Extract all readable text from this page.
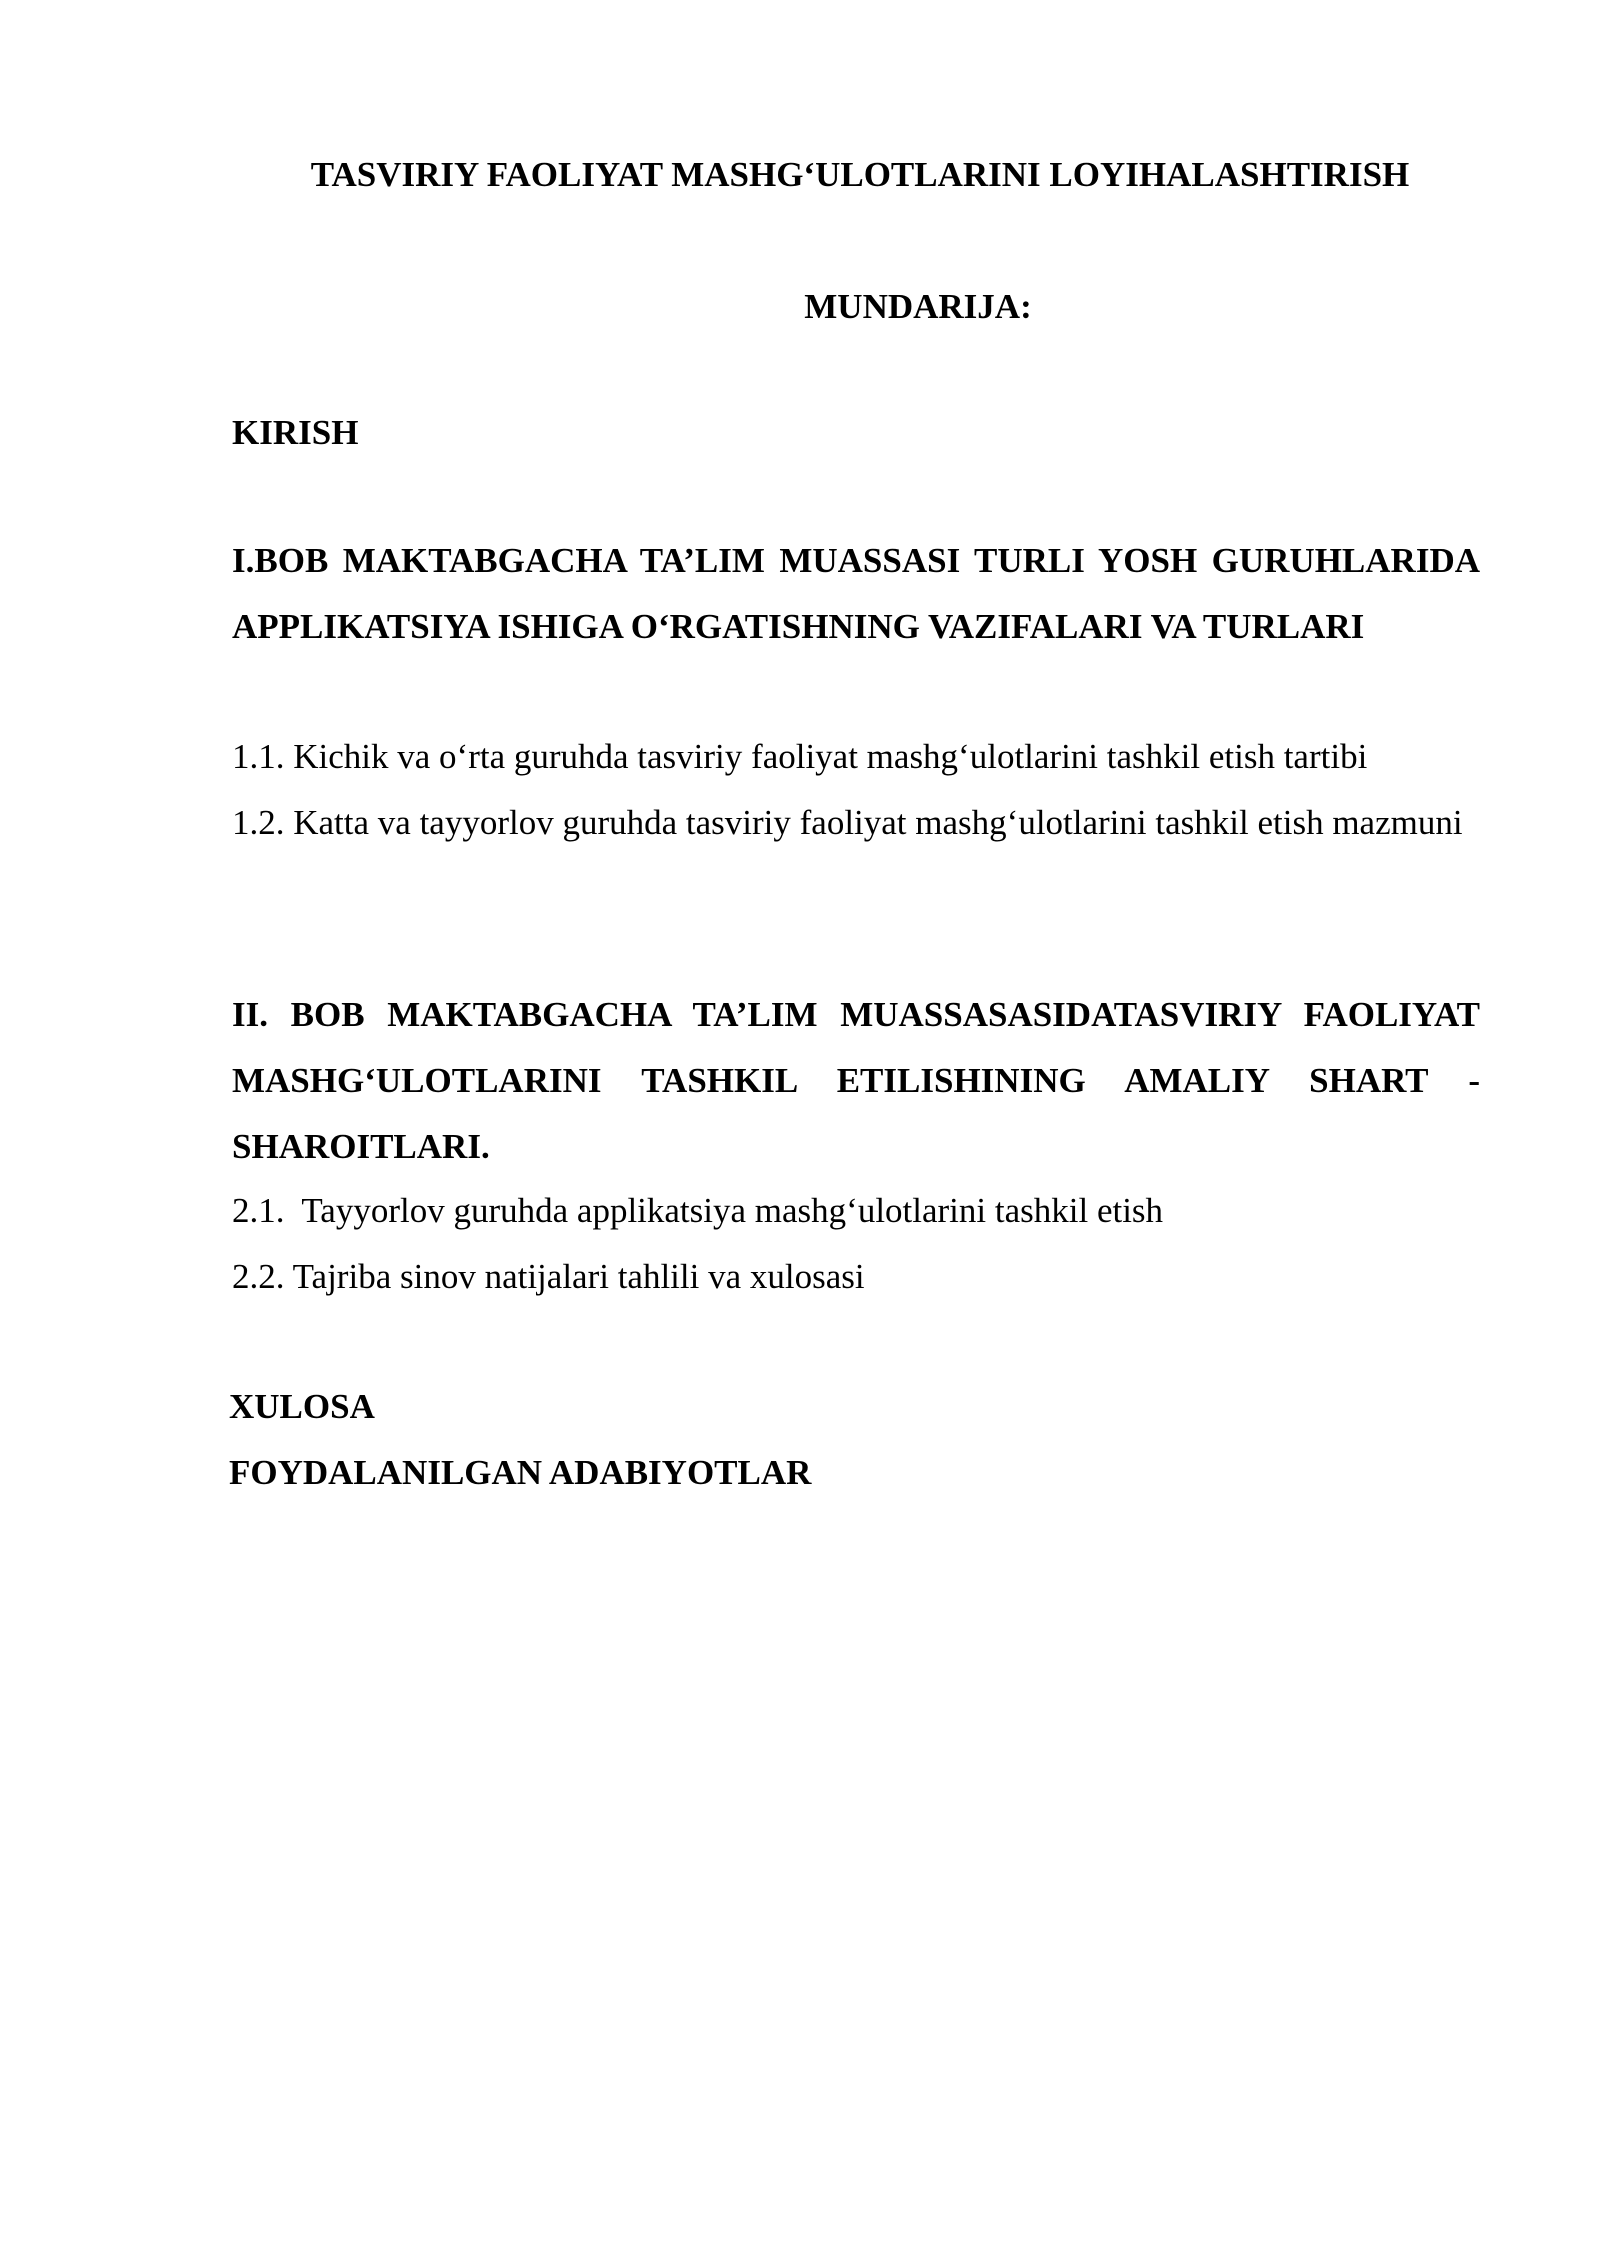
TASVIRIY FAOLIYAT MASHG‘ULOTLARINI LOYIHALASHTIRISH
MUNDARIJA:
KIRISH
I.BOB MAKTABGACHA TA’LIM MUASSASI TURLI YOSH GURUHLARIDA APPLIKATSIYA ISHIGA O‘RGATISHNING VAZIFALARI VA TURLARI
1.1. Kichik va o‘rta guruhda tasviriy faoliyat mashg‘ulotlarini tashkil etish tartibi
1.2. Katta va tayyorlov guruhda tasviriy faoliyat mashg‘ulotlarini tashkil etish mazmuni
II. BOB MAKTABGACHA TA’LIM MUASSASASIDATASVIRIY FAOLIYAT MASHG‘ULOTLARINI TASHKIL ETILISHINING AMALIY SHART - SHAROITLARI.
2.1.  Tayyorlov guruhda applikatsiya mashg‘ulotlarini tashkil etish
2.2. Tajriba sinov natijalari tahlili va xulosasi
XULOSA
FOYDALANILGAN ADABIYOTLAR
